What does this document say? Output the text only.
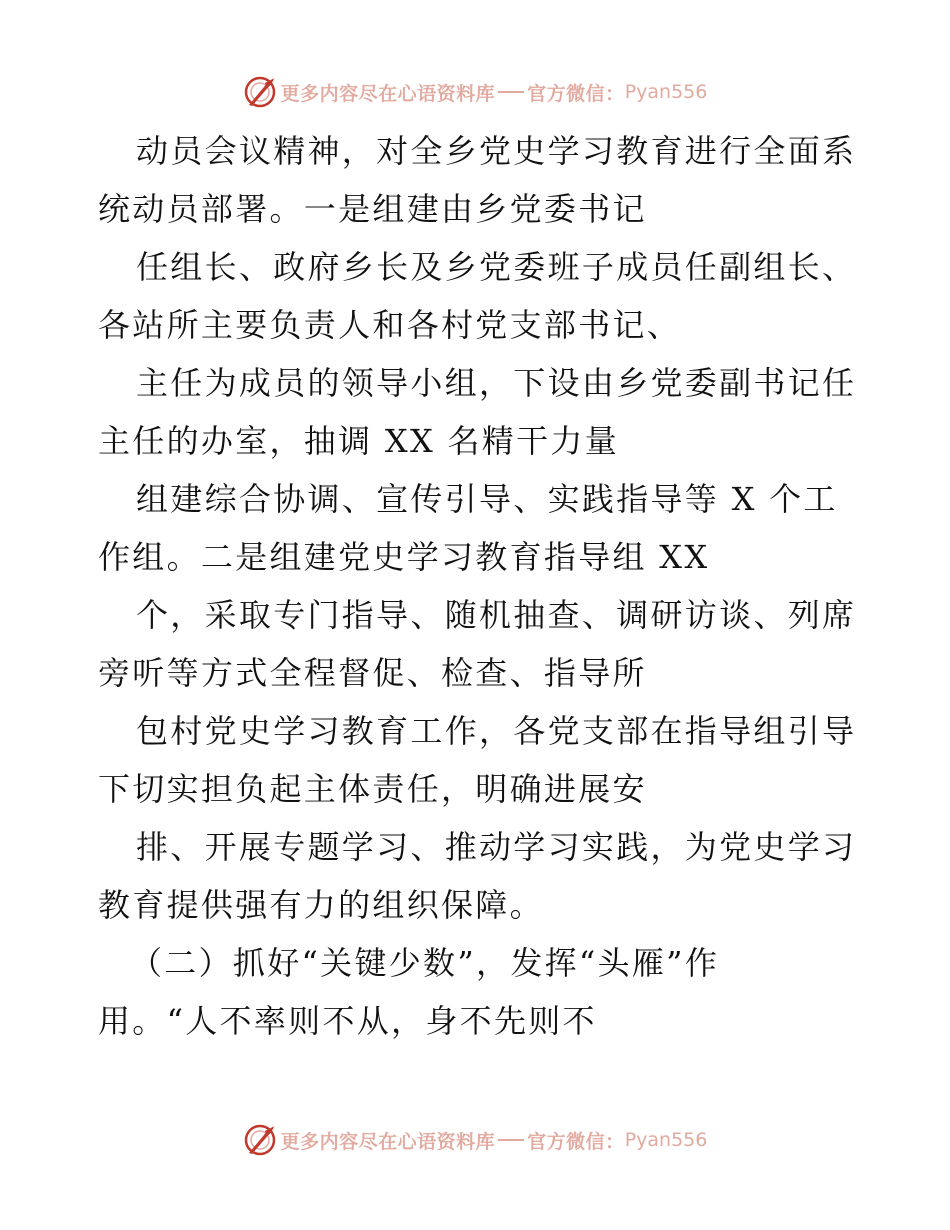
更多内容尽在心语资料库 官方微信： Pyan556
动员会议精神，对全乡党史学习教育进行全面系
统动员部署。一是组建由乡党委书记
任组长、政府乡长及乡党委班子成员任副组长、
各站所主要负责人和各村党支部书记、
主任为成员的领导小组，下设由乡党委副书记任
主任的办室，抽调 XX 名精干力量
组建综合协调、宣传引导、实践指导等 X 个工
作组。二是组建党史学习教育指导组 XX
个，采取专门指导、随机抽查、调研访谈、列席
旁听等方式全程督促、检查、指导所
包村党史学习教育工作，各党支部在指导组引导
下切实担负起主体责任，明确进展安
排、开展专题学习、推动学习实践，为党史学习
教育提供强有力的组织保障。
（二）抓好“关键少数”，发挥“头雁”作
用。“人不率则不从，身不先则不
更多内容尽在心语资料库 官方微信： Pyan556
